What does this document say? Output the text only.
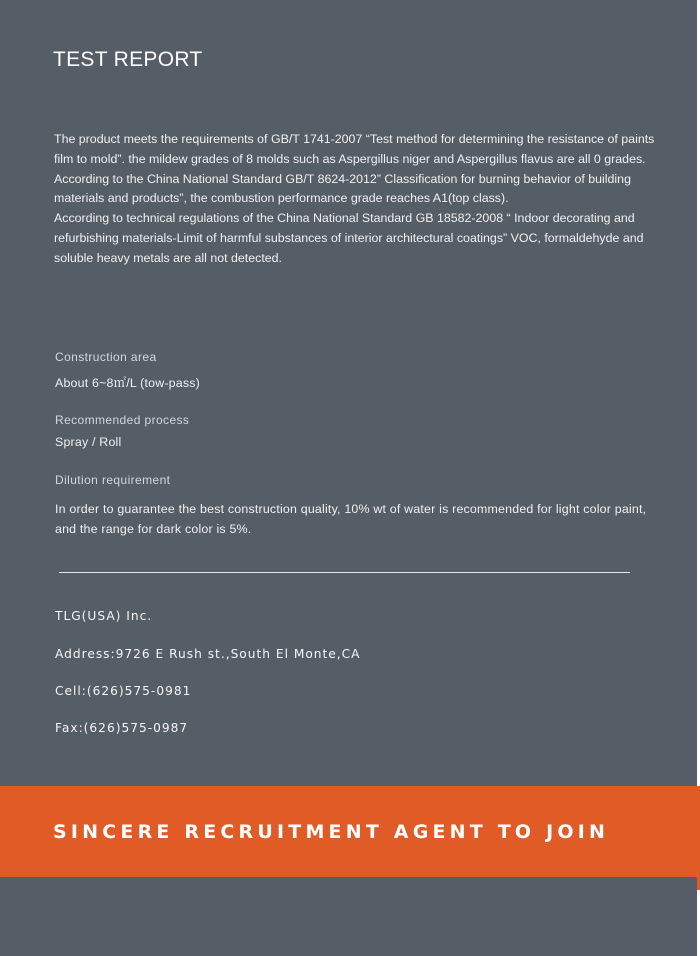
TEST REPORT

The product meets the requirements of GB/T 1741-2007 “Test method for determining the resistance of paints film to mold”. the mildew grades of 8 molds such as Aspergillus niger and Aspergillus flavus are all 0 grades.

According to the China National Standard GB/T 8624-2012” Classification for burning behavior of building materials and products”, the combustion performance grade reaches A1(top class).

According to technical regulations of the China National Standard GB 18582-2008 “ Indoor decorating and refurbishing materials-Limit of harmful substances of interior architectural coatings” VOC, formaldehyde and soluble heavy metals are all not detected.

Construction area

About 6~8㎡/L (tow-pass)

Recommended process

Spray / Roll

Dilution requirement

In order to guarantee the best construction quality, 10% wt of water is recommended for light color paint, and the range for dark color is 5%.

TLG(USA) Inc.

Address:9726 E Rush st.,South El Monte,CA

Cell:(626)575-0981

Fax:(626)575-0987

SINCERE RECRUITMENT AGENT TO JOIN
